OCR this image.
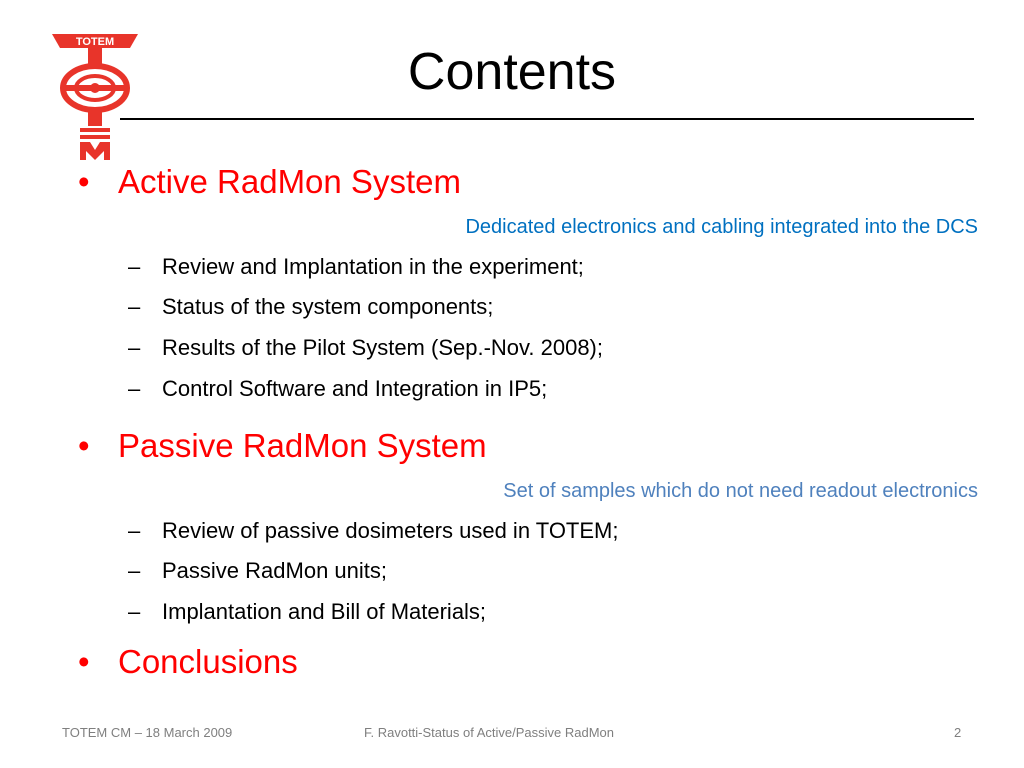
TOTEM
Contents
• Active RadMon System
Dedicated electronics and cabling integrated into the DCS
– Review and Implantation in the experiment;
– Status of the system components;
– Results of the Pilot System (Sep.-Nov. 2008);
– Control Software and Integration in IP5;
• Passive RadMon System
Set of samples which do not need readout electronics
– Review of passive dosimeters used in TOTEM;
– Passive RadMon units;
– Implantation and Bill of Materials;
• Conclusions
TOTEM CM – 18 March 2009	F. Ravotti-Status of Active/Passive RadMon	2
